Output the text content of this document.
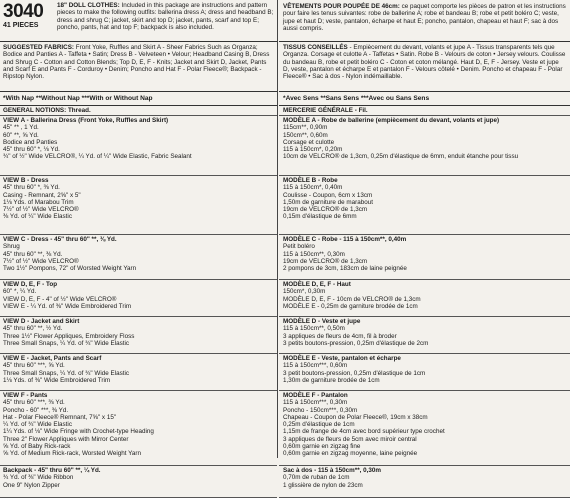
3040
41 PIECES
18" DOLL CLOTHES: Included in this package are instructions and pattern pieces to make the following outfits: ballerina dress A; dress and headband B; dress and shrug C; jacket, skirt and top D; jacket, pants, scarf and top E; poncho, pants, hat and top F; backpack is also included.
SUGGESTED FABRICS: Front Yoke, Ruffles and Skirt A - Sheer Fabrics Such as Organza; Bodice and Panties A - Taffeta • Satin; Dress B - Velveteen • Velour; Headband Casing B, Dress and Shrug C - Cotton and Cotton Blends; Top D, E, F - Knits; Jacket and Skirt D, Jacket, Pants and Scarf E and Pants F - Corduroy • Denim; Poncho and Hat F - Polar Fleece®; Backpack - Ripstop Nylon.
*With Nap **Without Nap ***With or Without Nap
GENERAL NOTIONS: Thread.
VIEW A - Ballerina Dress (Front Yoke, Ruffles and Skirt)
45" ** , 1 Yd.
60" **, ⅝ Yd.
Bodice and Panties
45" thru 60" *, ⅛ Yd.
¾" of ½" Wide VELCRO®, ¼ Yd. of ¼" Wide Elastic, Fabric Sealant
VIEW B - Dress
45" thru 60" *, ⅜ Yd.
Casing - Remnant, 2⅝" x 5"
1⅛ Yds. of Marabou Trim
7½" of ½" Wide VELCRO®
⅜ Yd. of ¼" Wide Elastic
VIEW C - Dress - 45" thru 60" **, ⅜ Yd.
Shrug
45" thru 60" **, ⅜ Yd.
7½" of ½" Wide VELCRO®
Two 1½" Pompons, 72" of Worsted Weight Yarn
VIEW D, E, F - Top
60" *, ¼ Yd.
VIEW D, E, F - 4" of ½" Wide VELCRO®
VIEW E - ¼ Yd. of ⅜" Wide Embroidered Trim
VIEW D - Jacket and Skirt
45" thru 60" **, ½ Yd.
Three 1½" Flower Appliques, Embroidery Floss
Three Small Snaps, ¼ Yd. of ¾" Wide Elastic
VIEW E - Jacket, Pants and Scarf
45" thru 60" ***, ⅝ Yd.
Three Small Snaps, ¼ Yd. of ¾" Wide Elastic
1⅛ Yds. of ⅜" Wide Embroidered Trim
VIEW F - Pants
45" thru 60" ***, ⅜ Yd.
Poncho - 60" ***, ⅜ Yd.
Hat - Polar Fleece® Remnant, 7⅝" x 15"
¼ Yd. of ¾" Wide Elastic
1¼ Yds. of ⅛" Wide Fringe with Crochet-type Heading
Three 2" Flower Appliques with Mirror Center
⅝ Yd. of Baby Rick-rack
⅝ Yd. of Medium Rick-rack, Worsted Weight Yarn
Backpack - 45" thru 60" **, ¼ Yd.
¾ Yd. of ⅜" Wide Ribbon
One 9" Nylon Zipper
VÊTEMENTS POUR POUPÉE DE 46cm: ce paquet comporte les pièces de patron et les instructions pour faire les tenus suivantes: robe de ballerine A; robe et bandeau B; robe et petit boléro C; veste, jupe et haut D; veste, pantalon, écharpe et haut E; poncho, pantalon, chapeau et haut F; sac à dos aussi compris.
TISSUS CONSEILLÉS - Empiècement du devant, volants et jupe A - Tissus transparents tels que Organza. Corsage et culotte A - Taffetas • Satin. Robe B - Velours de coton • Jersey velours. Coulisse du bandeau B, robe et petit boléro C - Coton et coton mélangé. Haut D, E, F - Jersey. Veste et jupe D, veste, pantalon et écharpe E et pantalon F - Velours côtelé • Denim. Poncho et chapeau F - Polar Fleece® • Sac à dos - Nylon indémaillable.
*Avec Sens **Sans Sens ***Avec ou Sans Sens
MERCERIE GÉNÉRALE - Fil.
MODÈLE A - Robe de ballerine (empiècement du devant, volants et jupe)
115cm**, 0,90m
150cm**, 0,60m
Corsage et culotte
115 à 150cm*, 0,20m
10cm de VELCRO® de 1,3cm, 0,25m d'élastique de 6mm, enduit étanche pour tissu
MODÈLE B - Robe
115 à 150cm*, 0,40m
Coulisse - Coupon, 6cm x 13cm
1,50m de garniture de marabout
19cm de VELCRO® de 1,3cm
0,15m d'élastique de 6mm
MODÈLE C - Robe - 115 à 150cm**, 0,40m
Petit boléro
115 à 150cm**, 0,30m
19cm de VELCRO® de 1,3cm
2 pompons de 3cm, 183cm de laine peignée
MODÈLE D, E, F - Haut
150cm*, 0,30m
MODÈLE D, E, F - 10cm de VELCRO® de 1,3cm
MODÈLE E - 0,25m de garniture brodée de 1cm
MODÈLE D - Veste et jupe
115 à 150cm**, 0,50m
3 appliques de fleurs de 4cm, fil à broder
3 petits boutons-pression, 0,25m d'élastique de 2cm
MODÈLE E - Veste, pantalon et écharpe
115 à 150cm***, 0,60m
3 petit boutons-pression, 0,25m d'élastique de 1cm
1,30m de garniture brodée de 1cm
MODÈLE F - Pantalon
115 à 150cm***, 0,30m
Poncho - 150cm***, 0,30m
Chapeau - Coupon de Polar Fleece®, 19cm x 38cm
0,25m d'élastique de 1cm
1,15m de frange de 4cm avec bord supérieur type crochet
3 appliques de fleurs de 5cm avec miroir central
0,60m garnie en zigzag fine
0,60m garnie en zigzag moyenne, laine peignée
Sac à dos - 115 à 150cm**, 0,30m
0,70m de ruban de 1cm
1 glissière de nylon de 23cm
